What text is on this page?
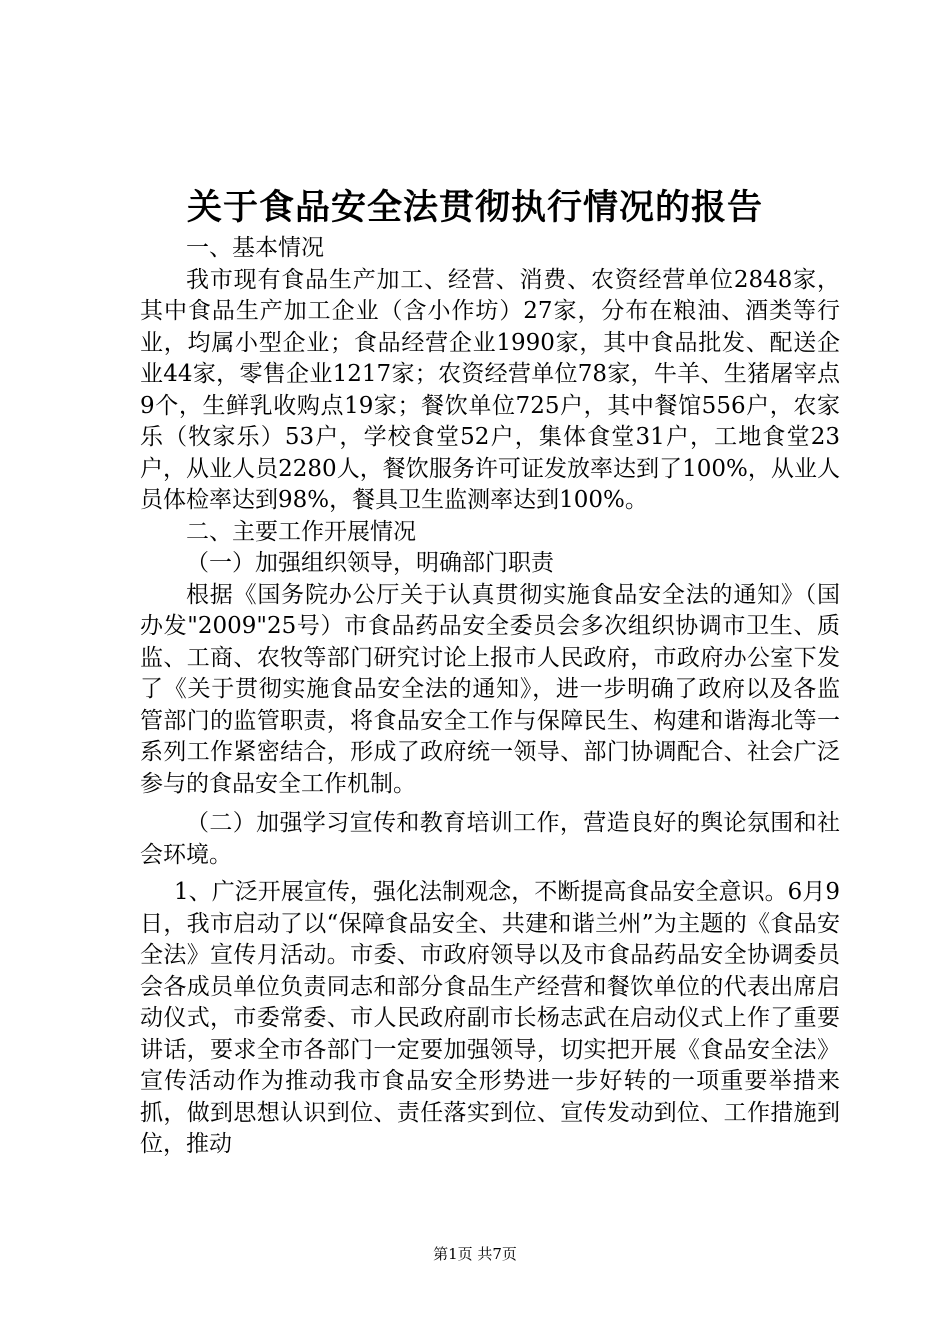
关于食品安全法贯彻执行情况的报告

一、基本情况

我市现有食品生产加工、经营、消费、农资经营单位2848家，其中食品生产加工企业（含小作坊）27家，分布在粮油、酒类等行业，均属小型企业；食品经营企业1990家，其中食品批发、配送企业44家，零售企业1217家；农资经营单位78家，牛羊、生猪屠宰点9个，生鲜乳收购点19家；餐饮单位725户，其中餐馆556户，农家乐（牧家乐）53户，学校食堂52户，集体食堂31户，工地食堂23户，从业人员2280人，餐饮服务许可证发放率达到了100%，从业人员体检率达到98%，餐具卫生监测率达到100%。

二、主要工作开展情况

（一）加强组织领导，明确部门职责

根据《国务院办公厅关于认真贯彻实施食品安全法的通知》（国办发"2009"25号）市食品药品安全委员会多次组织协调市卫生、质监、工商、农牧等部门研究讨论上报市人民政府，市政府办公室下发了《关于贯彻实施食品安全法的通知》，进一步明确了政府以及各监管部门的监管职责，将食品安全工作与保障民生、构建和谐海北等一系列工作紧密结合，形成了政府统一领导、部门协调配合、社会广泛参与的食品安全工作机制。

（二）加强学习宣传和教育培训工作，营造良好的舆论氛围和社会环境。

1、广泛开展宣传，强化法制观念，不断提高食品安全意识。6月9日，我市启动了以“保障食品安全、共建和谐兰州”为主题的《食品安全法》宣传月活动。市委、市政府领导以及市食品药品安全协调委员会各成员单位负责同志和部分食品生产经营和餐饮单位的代表出席启动仪式，市委常委、市人民政府副市长杨志武在启动仪式上作了重要讲话，要求全市各部门一定要加强领导，切实把开展《食品安全法》宣传活动作为推动我市食品安全形势进一步好转的一项重要举措来抓，做到思想认识到位、责任落实到位、宣传发动到位、工作措施到位，推动

第1页 共7页
